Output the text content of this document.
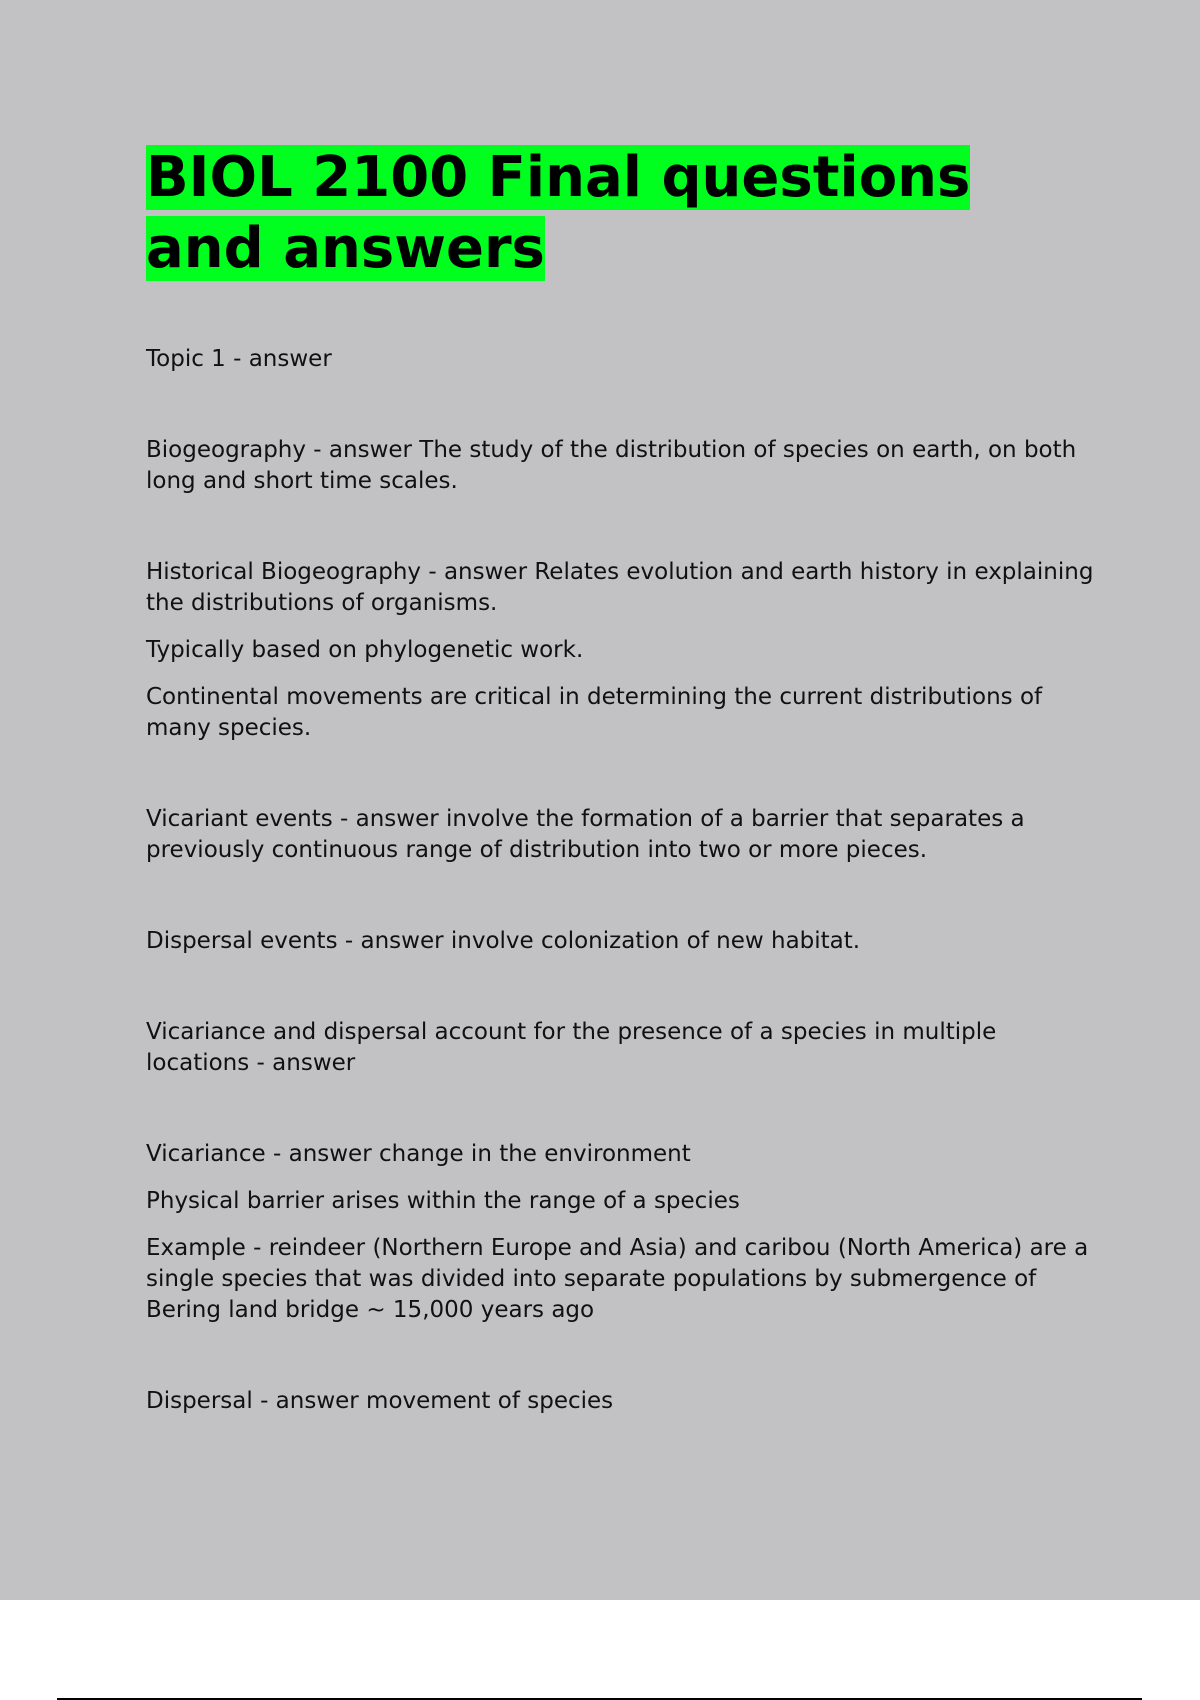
BIOL 2100 Final questions and answers

Topic 1 - answer

Biogeography - answer The study of the distribution of species on earth, on both long and short time scales.

Historical Biogeography - answer Relates evolution and earth history in explaining the distributions of organisms.

Typically based on phylogenetic work.

Continental movements are critical in determining the current distributions of many species.

Vicariant events - answer involve the formation of a barrier that separates a previously continuous range of distribution into two or more pieces.

Dispersal events - answer involve colonization of new habitat.

Vicariance and dispersal account for the presence of a species in multiple locations - answer

Vicariance - answer change in the environment

Physical barrier arises within the range of a species

Example - reindeer (Northern Europe and Asia) and caribou (North America) are a single species that was divided into separate populations by submergence of Bering land bridge ~ 15,000 years ago

Dispersal - answer movement of species
